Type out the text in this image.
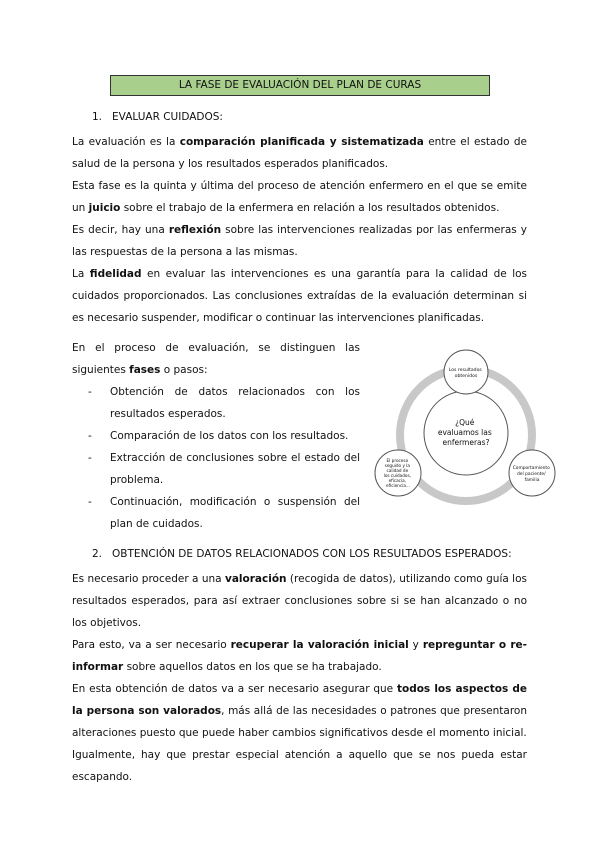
LA FASE DE EVALUACIÓN DEL PLAN DE CURAS
1. EVALUAR CUIDADOS:
La evaluación es la comparación planificada y sistematizada entre el estado de salud de la persona y los resultados esperados planificados.
Esta fase es la quinta y última del proceso de atención enfermero en el que se emite un juicio sobre el trabajo de la enfermera en relación a los resultados obtenidos.
Es decir, hay una reflexión sobre las intervenciones realizadas por las enfermeras y las respuestas de la persona a las mismas.
La fidelidad en evaluar las intervenciones es una garantía para la calidad de los cuidados proporcionados. Las conclusiones extraídas de la evaluación determinan si es necesario suspender, modificar o continuar las intervenciones planificadas.
En el proceso de evaluación, se distinguen las siguientes fases o pasos:
- Obtención de datos relacionados con los resultados esperados.
- Comparación de los datos con los resultados.
- Extracción de conclusiones sobre el estado del problema.
- Continuación, modificación o suspensión del plan de cuidados.
¿Qué evaluamos las enfermeras?
Los resultados obtenidos
El proceso seguido y la calidad de los cuidados, eficacia, eficiencia...
Comportamiento del paciente/ familia
2. OBTENCIÓN DE DATOS RELACIONADOS CON LOS RESULTADOS ESPERADOS:
Es necesario proceder a una valoración (recogida de datos), utilizando como guía los resultados esperados, para así extraer conclusiones sobre si se han alcanzado o no los objetivos.
Para esto, va a ser necesario recuperar la valoración inicial y repreguntar o re-informar sobre aquellos datos en los que se ha trabajado.
En esta obtención de datos va a ser necesario asegurar que todos los aspectos de la persona son valorados, más allá de las necesidades o patrones que presentaron alteraciones puesto que puede haber cambios significativos desde el momento inicial.
Igualmente, hay que prestar especial atención a aquello que se nos pueda estar escapando.
